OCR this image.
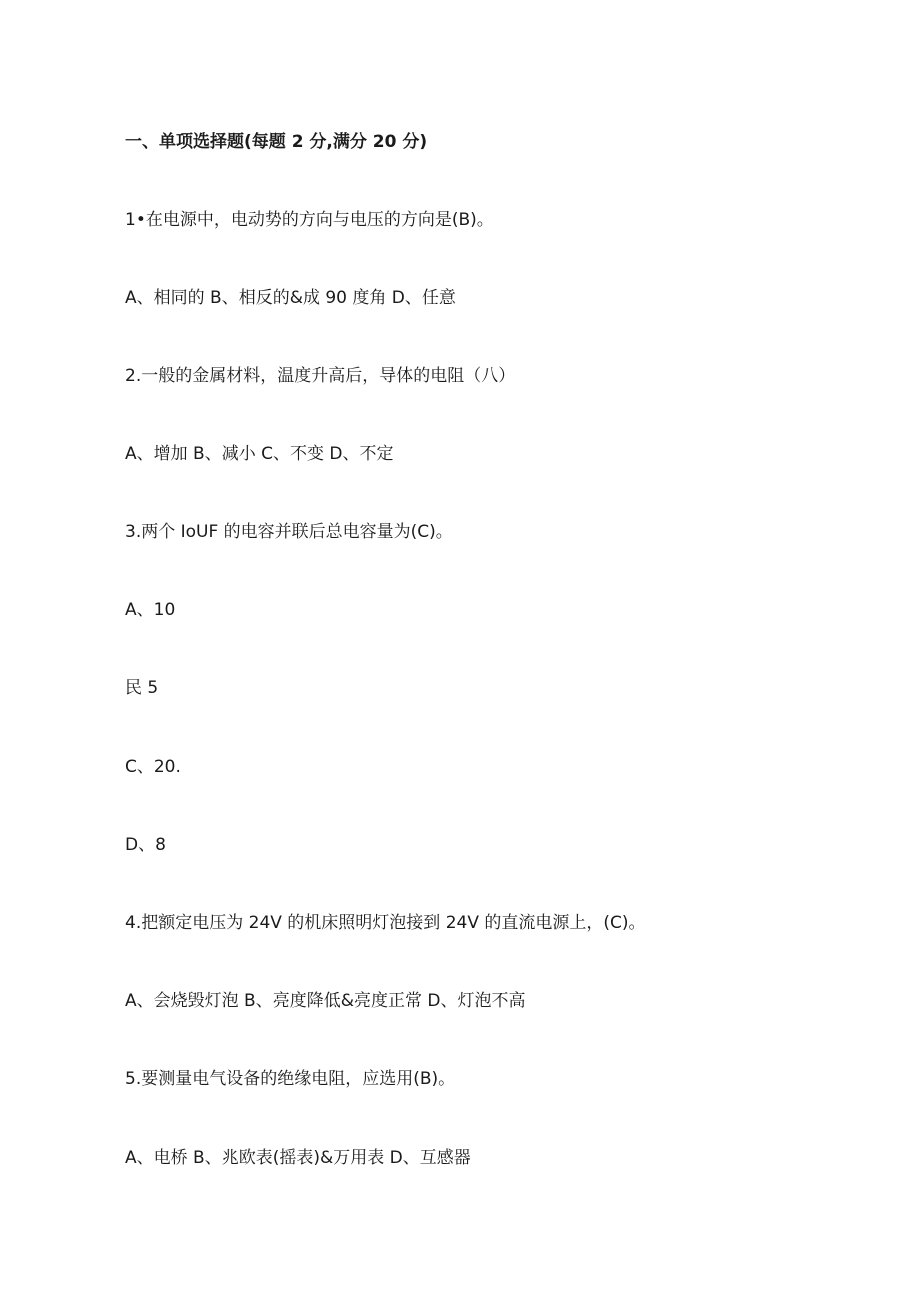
一、单项选择题(每题 2 分,满分 20 分)
1•在电源中，电动势的方向与电压的方向是(B)。
A、相同的 B、相反的&成 90 度角 D、任意
2.一般的金属材料，温度升高后，导体的电阻（八）
A、增加 B、减小 C、不变 D、不定
3.两个 IoUF 的电容并联后总电容量为(C)。
A、10
民 5
C、20.
D、8
4.把额定电压为 24V 的机床照明灯泡接到 24V 的直流电源上，(C)。
A、会烧毁灯泡 B、亮度降低&亮度正常 D、灯泡不高
5.要测量电气设备的绝缘电阻，应选用(B)。
A、电桥 B、兆欧表(摇表)&万用表 D、互感器
